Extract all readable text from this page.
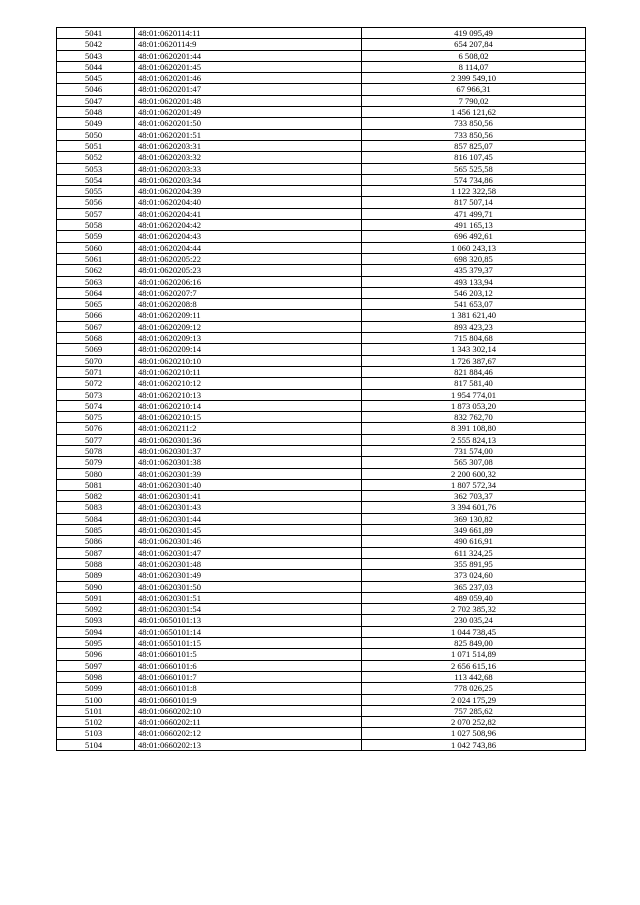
5041	48:01:0620114:11	419 095,49
5042	48:01:0620114:9	654 207,84
5043	48:01:0620201:44	6 508,02
5044	48:01:0620201:45	8 114,07
5045	48:01:0620201:46	2 399 549,10
5046	48:01:0620201:47	67 966,31
5047	48:01:0620201:48	7 790,02
5048	48:01:0620201:49	1 456 121,62
5049	48:01:0620201:50	733 850,56
5050	48:01:0620201:51	733 850,56
5051	48:01:0620203:31	857 825,07
5052	48:01:0620203:32	816 107,45
5053	48:01:0620203:33	565 525,58
5054	48:01:0620203:34	574 734,86
5055	48:01:0620204:39	1 122 322,58
5056	48:01:0620204:40	817 507,14
5057	48:01:0620204:41	471 499,71
5058	48:01:0620204:42	491 165,13
5059	48:01:0620204:43	696 492,61
5060	48:01:0620204:44	1 060 243,13
5061	48:01:0620205:22	698 320,85
5062	48:01:0620205:23	435 379,37
5063	48:01:0620206:16	493 133,94
5064	48:01:0620207:7	546 203,12
5065	48:01:0620208:8	541 653,07
5066	48:01:0620209:11	1 381 621,40
5067	48:01:0620209:12	893 423,23
5068	48:01:0620209:13	715 804,68
5069	48:01:0620209:14	1 343 302,14
5070	48:01:0620210:10	1 726 387,67
5071	48:01:0620210:11	821 884,46
5072	48:01:0620210:12	817 581,40
5073	48:01:0620210:13	1 954 774,01
5074	48:01:0620210:14	1 873 053,20
5075	48:01:0620210:15	832 762,70
5076	48:01:0620211:2	8 391 108,80
5077	48:01:0620301:36	2 555 824,13
5078	48:01:0620301:37	731 574,00
5079	48:01:0620301:38	565 307,08
5080	48:01:0620301:39	2 200 600,32
5081	48:01:0620301:40	1 807 572,34
5082	48:01:0620301:41	362 703,37
5083	48:01:0620301:43	3 394 601,76
5084	48:01:0620301:44	369 130,82
5085	48:01:0620301:45	349 661,89
5086	48:01:0620301:46	490 616,91
5087	48:01:0620301:47	611 324,25
5088	48:01:0620301:48	355 891,95
5089	48:01:0620301:49	373 024,60
5090	48:01:0620301:50	365 237,03
5091	48:01:0620301:51	489 059,40
5092	48:01:0620301:54	2 702 385,32
5093	48:01:0650101:13	230 035,24
5094	48:01:0650101:14	1 044 738,45
5095	48:01:0650101:15	825 849,00
5096	48:01:0660101:5	1 071 514,89
5097	48:01:0660101:6	2 656 615,16
5098	48:01:0660101:7	113 442,68
5099	48:01:0660101:8	778 026,25
5100	48:01:0660101:9	2 024 175,29
5101	48:01:0660202:10	757 285,62
5102	48:01:0660202:11	2 070 252,82
5103	48:01:0660202:12	1 027 508,96
5104	48:01:0660202:13	1 042 743,86
